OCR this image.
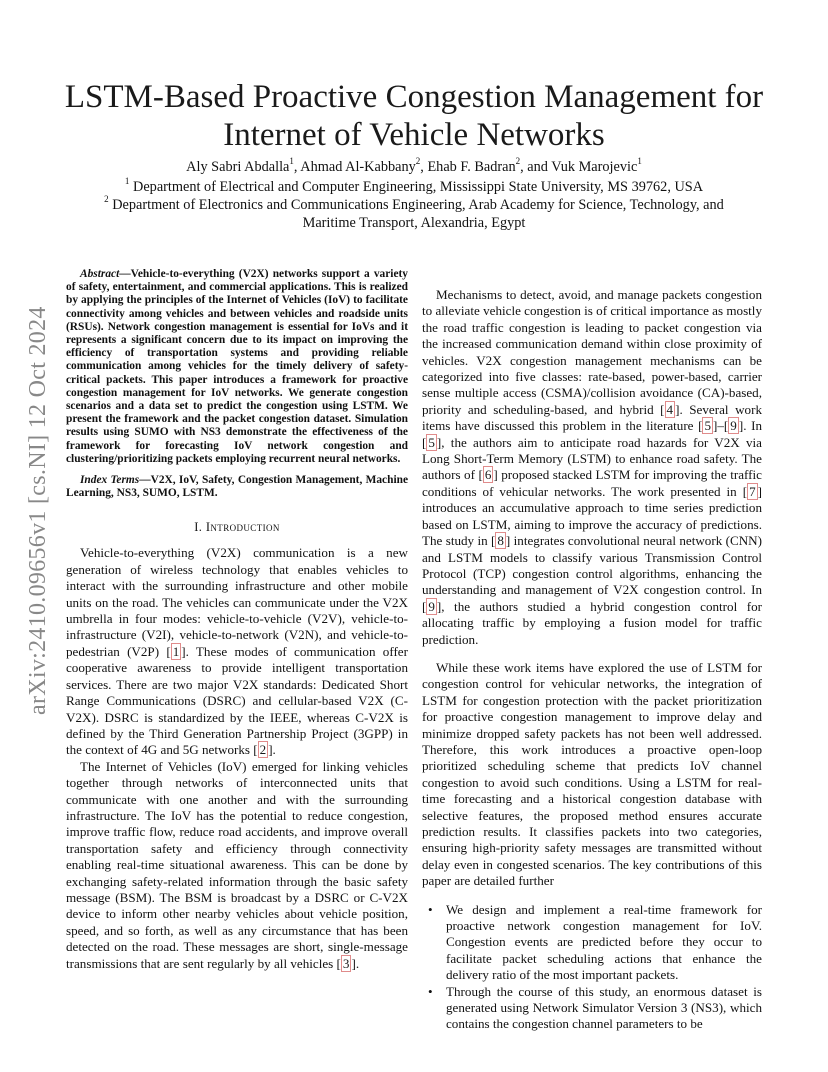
LSTM-Based Proactive Congestion Management for
Internet of Vehicle Networks
Aly Sabri Abdalla$^1$, Ahmad Al-Kabbany$^2$, Ehab F. Badran$^2$, and Vuk Marojevic$^1$
$^1$ Department of Electrical and Computer Engineering, Mississippi State University, MS 39762, USA
$^2$ Department of Electronics and Communications Engineering, Arab Academy for Science, Technology, and
Maritime Transport, Alexandria, Egypt
arXiv:2410.09656v1 [cs.NI] 12 Oct 2024
Abstract—Vehicle-to-everything (V2X) networks support a variety of safety, entertainment, and commercial applications. This is realized by applying the principles of the Internet of Vehicles (IoV) to facilitate connectivity among vehicles and between vehicles and roadside units (RSUs). Network congestion management is essential for IoVs and it represents a significant concern due to its impact on improving the efficiency of transportation systems and providing reliable communication among vehicles for the timely delivery of safety-critical packets. This paper introduces a framework for proactive congestion management for IoV networks. We generate congestion scenarios and a data set to predict the congestion using LSTM. We present the framework and the packet congestion dataset. Simulation results using SUMO with NS3 demonstrate the effectiveness of the framework for forecasting IoV network congestion and clustering/prioritizing packets employing recurrent neural networks.
Index Terms—V2X, IoV, Safety, Congestion Management, Machine Learning, NS3, SUMO, LSTM.
I. Introduction

Vehicle-to-everything (V2X) communication is a new generation of wireless technology that enables vehicles to interact with the surrounding infrastructure and other mobile units on the road. The vehicles can communicate under the V2X umbrella in four modes: vehicle-to-vehicle (V2V), vehicle-to-infrastructure (V2I), vehicle-to-network (V2N), and vehicle-to-pedestrian (V2P) [ 1 ]. These modes of communication offer cooperative awareness to provide intelligent transportation services. There are two major V2X standards: Dedicated Short Range Communications (DSRC) and cellular-based V2X (C-V2X). DSRC is standardized by the IEEE, whereas C-V2X is defined by the Third Generation Partnership Project (3GPP) in the context of 4G and 5G networks [ 2 ].

The Internet of Vehicles (IoV) emerged for linking vehicles together through networks of interconnected units that communicate with one another and with the surrounding infrastructure. The IoV has the potential to reduce congestion, improve traffic flow, reduce road accidents, and improve overall transportation safety and efficiency through connectivity enabling real-time situational awareness. This can be done by exchanging safety-related information through the basic safety message (BSM). The BSM is broadcast by a DSRC or C-V2X device to inform other nearby vehicles about vehicle position, speed, and so forth, as well as any circumstance that has been detected on the road. These messages are short, single-message transmissions that are sent regularly by all vehicles [ 3 ].

Mechanisms to detect, avoid, and manage packets congestion to alleviate vehicle congestion is of critical importance as mostly the road traffic congestion is leading to packet congestion via the increased communication demand within close proximity of vehicles. V2X congestion management mechanisms can be categorized into five classes: rate-based, power-based, carrier sense multiple access (CSMA)/collision avoidance (CA)-based, priority and scheduling-based, and hybrid [ 4 ]. Several work items have discussed this problem in the literature [ 5 ]–[ 9 ]. In [ 5 ], the authors aim to anticipate road hazards for V2X via Long Short-Term Memory (LSTM) to enhance road safety. The authors of [ 6 ] proposed stacked LSTM for improving the traffic conditions of vehicular networks. The work presented in [ 7 ] introduces an accumulative approach to time series prediction based on LSTM, aiming to improve the accuracy of predictions. The study in [ 8 ] integrates convolutional neural network (CNN) and LSTM models to classify various Transmission Control Protocol (TCP) congestion control algorithms, enhancing the understanding and management of V2X congestion control. In [ 9 ], the authors studied a hybrid congestion control for allocating traffic by employing a fusion model for traffic prediction.

While these work items have explored the use of LSTM for congestion control for vehicular networks, the integration of LSTM for congestion protection with the packet prioritization for proactive congestion management to improve delay and minimize dropped safety packets has not been well addressed. Therefore, this work introduces a proactive open-loop prioritized scheduling scheme that predicts IoV channel congestion to avoid such conditions. Using a LSTM for real-time forecasting and a historical congestion database with selective features, the proposed method ensures accurate prediction results. It classifies packets into two categories, ensuring high-priority safety messages are transmitted without delay even in congested scenarios. The key contributions of this paper are detailed further

• We design and implement a real-time framework for proactive network congestion management for IoV. Congestion events are predicted before they occur to facilitate packet scheduling actions that enhance the delivery ratio of the most important packets.
• Through the course of this study, an enormous dataset is generated using Network Simulator Version 3 (NS3), which contains the congestion channel parameters to be
